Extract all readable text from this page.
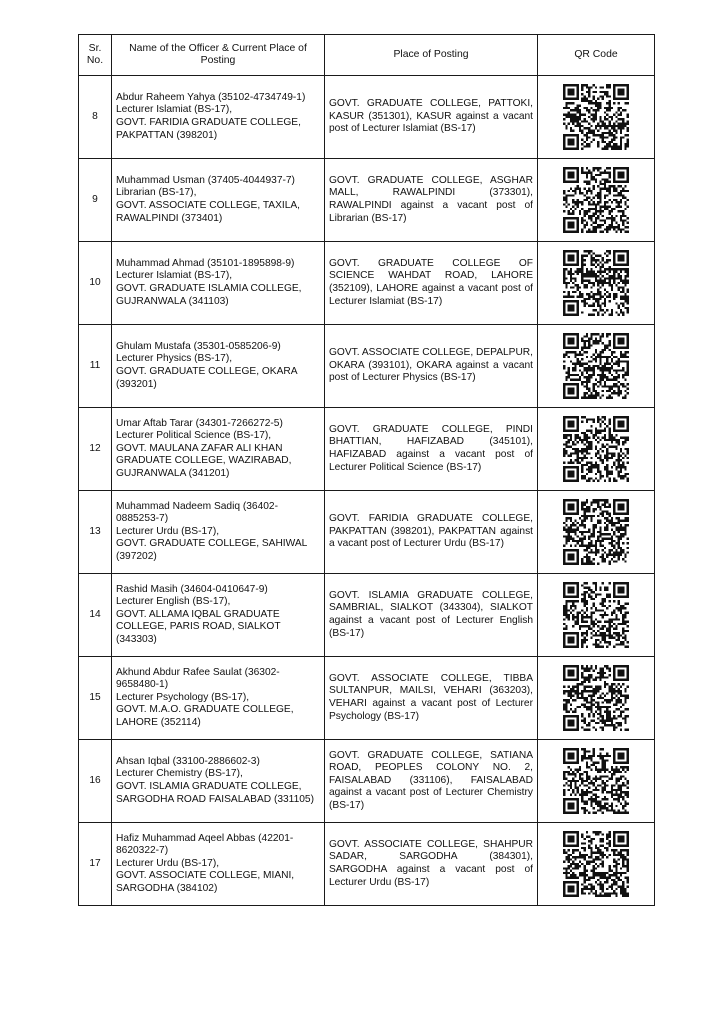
Sr. No.	Name of the Officer & Current Place of Posting	Place of Posting	QR Code
8	Abdur Raheem Yahya (35102-4734749-1)
Lecturer Islamiat (BS-17),
GOVT. FARIDIA GRADUATE COLLEGE, PAKPATTAN (398201)	GOVT. GRADUATE COLLEGE, PATTOKI, KASUR (351301), KASUR against a vacant post of Lecturer Islamiat (BS-17)	

9	Muhammad Usman (37405-4044937-7)
Librarian (BS-17),
GOVT. ASSOCIATE COLLEGE, TAXILA, RAWALPINDI (373401)	GOVT. GRADUATE COLLEGE, ASGHAR MALL, RAWALPINDI (373301), RAWALPINDI against a vacant post of Librarian (BS-17)	

10	Muhammad Ahmad (35101-1895898-9)
Lecturer Islamiat (BS-17),
GOVT. GRADUATE ISLAMIA COLLEGE, GUJRANWALA (341103)	GOVT. GRADUATE COLLEGE OF SCIENCE WAHDAT ROAD, LAHORE (352109), LAHORE against a vacant post of Lecturer Islamiat (BS-17)	

11	Ghulam Mustafa (35301-0585206-9)
Lecturer Physics (BS-17),
GOVT. GRADUATE COLLEGE, OKARA (393201)	GOVT. ASSOCIATE COLLEGE, DEPALPUR, OKARA (393101), OKARA against a vacant post of Lecturer Physics (BS-17)	

12	Umar Aftab Tarar (34301-7266272-5)
Lecturer Political Science (BS-17),
GOVT. MAULANA ZAFAR ALI KHAN GRADUATE COLLEGE, WAZIRABAD, GUJRANWALA (341201)	GOVT. GRADUATE COLLEGE, PINDI BHATTIAN, HAFIZABAD (345101), HAFIZABAD against a vacant post of Lecturer Political Science (BS-17)	

13	Muhammad Nadeem Sadiq (36402-0885253-7)
Lecturer Urdu (BS-17),
GOVT. GRADUATE COLLEGE, SAHIWAL (397202)	GOVT. FARIDIA GRADUATE COLLEGE, PAKPATTAN (398201), PAKPATTAN against a vacant post of Lecturer Urdu (BS-17)	

14	Rashid Masih (34604-0410647-9)
Lecturer English (BS-17),
GOVT. ALLAMA IQBAL GRADUATE COLLEGE, PARIS ROAD, SIALKOT (343303)	GOVT. ISLAMIA GRADUATE COLLEGE, SAMBRIAL, SIALKOT (343304), SIALKOT against a vacant post of Lecturer English (BS-17)	

15	Akhund Abdur Rafee Saulat (36302-9658480-1)
Lecturer Psychology (BS-17),
GOVT. M.A.O. GRADUATE COLLEGE, LAHORE (352114)	GOVT. ASSOCIATE COLLEGE, TIBBA SULTANPUR, MAILSI, VEHARI (363203), VEHARI against a vacant post of Lecturer Psychology (BS-17)	

16	Ahsan Iqbal (33100-2886602-3)
Lecturer Chemistry (BS-17),
GOVT. ISLAMIA GRADUATE COLLEGE, SARGODHA ROAD FAISALABAD (331105)	GOVT. GRADUATE COLLEGE, SATIANA ROAD, PEOPLES COLONY NO. 2, FAISALABAD (331106), FAISALABAD against a vacant post of Lecturer Chemistry (BS-17)	

17	Hafiz Muhammad Aqeel Abbas (42201-8620322-7)
Lecturer Urdu (BS-17),
GOVT. ASSOCIATE COLLEGE, MIANI, SARGODHA (384102)	GOVT. ASSOCIATE COLLEGE, SHAHPUR SADAR, SARGODHA (384301), SARGODHA against a vacant post of Lecturer Urdu (BS-17)	
